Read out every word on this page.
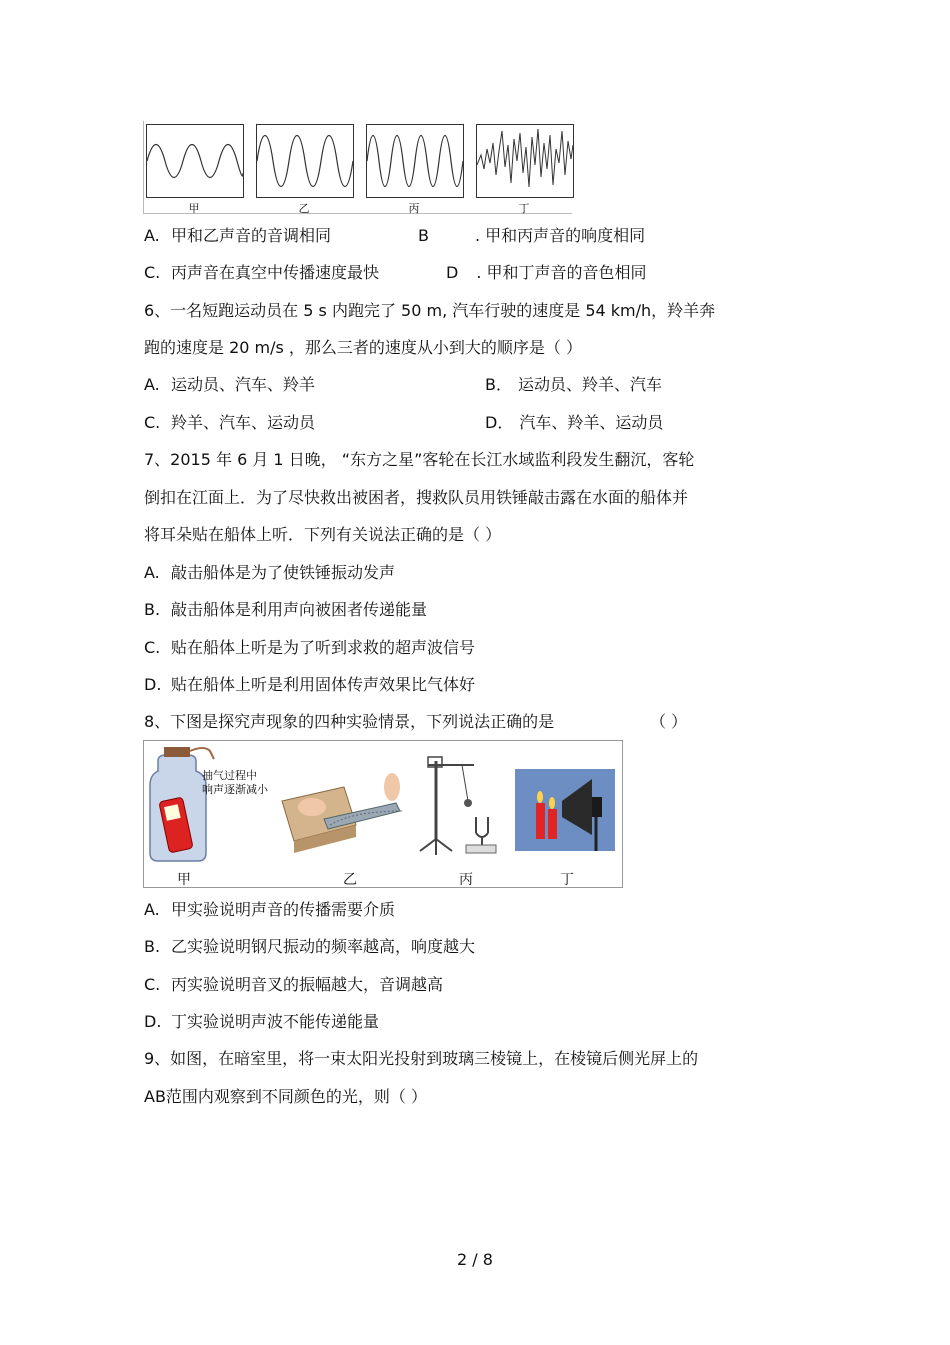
甲	乙	丙	丁
A. 甲和乙声音的音调相同	B	. 甲和丙声音的响度相同
C. 丙声音在真空中传播速度最快	D . 甲和丁声音的音色相同
6、一名短跑运动员在 5 s 内跑完了 50 m, 汽车行驶的速度是 54 km/h，羚羊奔
跑的速度是 20 m/s ，那么三者的速度从小到大的顺序是（ ）
A. 运动员、汽车、羚羊	B． 运动员、羚羊、汽车
C. 羚羊、汽车、运动员	D． 汽车、羚羊、运动员
7、2015 年 6 月 1 日晚， “东方之星”客轮在长江水域监利段发生翻沉，客轮
倒扣在江面上．为了尽快救出被困者，搜救队员用铁锤敲击露在水面的船体并
将耳朵贴在船体上听．下列有关说法正确的是（ ）
A. 敲击船体是为了使铁锤振动发声
B. 敲击船体是利用声向被困者传递能量
C. 贴在船体上听是为了听到求救的超声波信号
D. 贴在船体上听是利用固体传声效果比气体好
8、下图是探究声现象的四种实验情景，下列说法正确的是	（ ）
抽气过程中
响声逐渐减小
甲	乙	丙	丁
A. 甲实验说明声音的传播需要介质
B. 乙实验说明钢尺振动的频率越高，响度越大
C. 丙实验说明音叉的振幅越大，音调越高
D. 丁实验说明声波不能传递能量
9、如图，在暗室里，将一束太阳光投射到玻璃三棱镜上，在棱镜后侧光屏上的
AB范围内观察到不同颜色的光，则（ ）
2 / 8
